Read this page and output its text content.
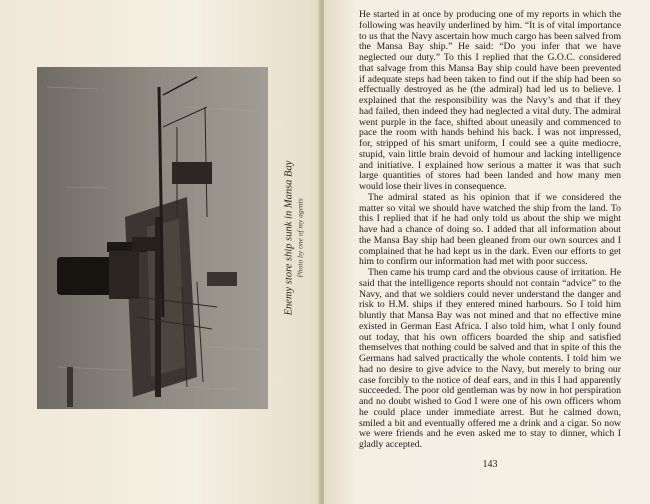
Enemy store ship sunk in Mansa Bay Photo by one of my agents

He started in at once by producing one of my reports in which the following was heavily underlined by him. “It is of vital importance to us that the Navy ascertain how much cargo has been salved from the Mansa Bay ship.” He said: “Do you infer that we have neglected our duty.” To this I replied that the G.O.C. considered that salvage from this Mansa Bay ship could have been prevented if adequate steps had been taken to find out if the ship had been so effectually destroyed as he (the admiral) had led us to believe. I explained that the responsibility was the Navy’s and that if they had failed, then indeed they had neglected a vital duty. The admiral went purple in the face, shifted about uneasily and commenced to pace the room with hands behind his back. I was not impressed, for, stripped of his smart uniform, I could see a quite mediocre, stupid, vain little brain devoid of humour and lacking intelligence and initiative. I explained how serious a matter it was that such large quantities of stores had been landed and how many men would lose their lives in consequence.

The admiral stated as his opinion that if we considered the matter so vital we should have watched the ship from the land. To this I replied that if he had only told us about the ship we might have had a chance of doing so. I added that all information about the Mansa Bay ship had been gleaned from our own sources and I complained that he had kept us in the dark. Even our efforts to get him to confirm our information had met with poor success.

Then came his trump card and the obvious cause of irritation. He said that the intelligence reports should not contain “advice” to the Navy, and that we soldiers could never understand the danger and risk to H.M. ships if they entered mined harbours. So I told him bluntly that Mansa Bay was not mined and that no effective mine existed in German East Africa. I also told him, what I only found out today, that his own officers boarded the ship and satisfied themselves that nothing could be salved and that in spite of this the Germans had salved practically the whole contents. I told him we had no desire to give advice to the Navy, but merely to bring our case forcibly to the notice of deaf ears, and in this I had apparently succeeded. The poor old gentleman was by now in hot perspiration and no doubt wished to God I were one of his own officers whom he could place under immediate arrest. But he calmed down, smiled a bit and eventually offered me a drink and a cigar. So now we were friends and he even asked me to stay to dinner, which I gladly accepted.

143
